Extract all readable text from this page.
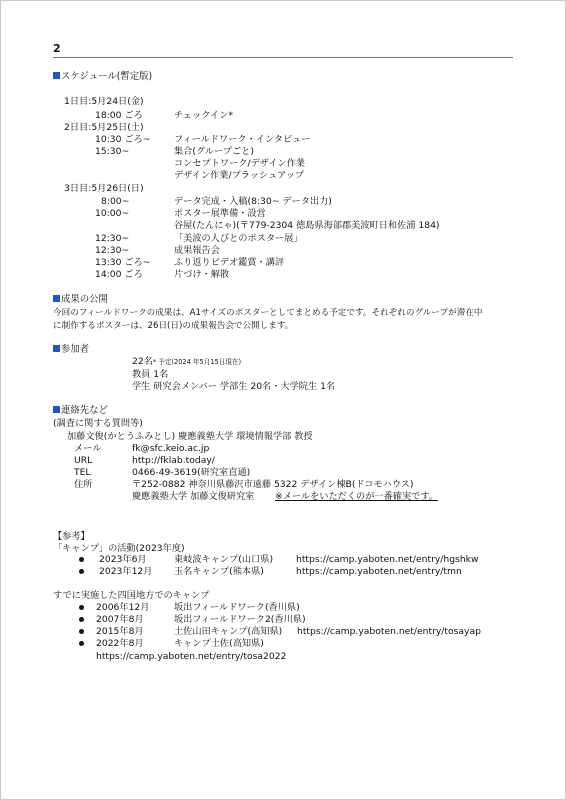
2
スケジュール(暫定版)
1日目:5月24日(金)
18:00 ごろ	チェックイン*
2日目:5月25日(土)
10:30 ごろ~	フィールドワーク・インタビュー
15:30~	集合(グループごと)
コンセプトワーク/デザイン作業
デザイン作業/ブラッシュアップ
3日目:5月26日(日)
8:00~	データ完成・入稿(8:30~ データ出力)
10:00~	ポスター展準備・設営
谷屋(たんにゃ)(〒779-2304 徳島県海部郡美波町日和佐浦 184)
12:30~	「美波の人びとのポスター展」
12:30~	成果報告会
13:30 ごろ~	ふり返りビデオ鑑賞・講評
14:00 ごろ	片づけ・解散
成果の公開
今回のフィールドワークの成果は、A1サイズのポスターとしてまとめる予定です。それぞれのグループが滞在中
に制作するポスターは、26日(日)の成果報告会で公開します。
参加者
22名* 予定(2024 年5月15日現在)
教員 1名
学生 研究会メンバー 学部生 20名・大学院生 1名
連絡先など
(調査に関する質問等)
加藤文俊(かとうふみとし) 慶應義塾大学 環境情報学部 教授
メール	fk@sfc.keio.ac.jp
URL	http://fklab.today/
TEL	0466-49-3619(研究室直通)
住所	〒252-0882 神奈川県藤沢市遠藤 5322 デザイン棟B(ドコモハウス)
慶應義塾大学 加藤文俊研究室 ※メールをいただくのが一番確実です。
【参考】
「キャンプ」の活動(2023年度)
2023年6月	東岐波キャンプ(山口県) https://camp.yaboten.net/entry/hgshkw
2023年12月 玉名キャンプ(熊本県)	https://camp.yaboten.net/entry/tmn
すでに実施した四国地方でのキャンプ
2006年12月	坂出フィールドワーク(香川県)
2007年8月	坂出フィールドワーク2(香川県)
2015年8月	土佐山田キャンプ(高知県) https://camp.yaboten.net/entry/tosayap
2022年8月	キャンプ土佐(高知県)
https://camp.yaboten.net/entry/tosa2022
